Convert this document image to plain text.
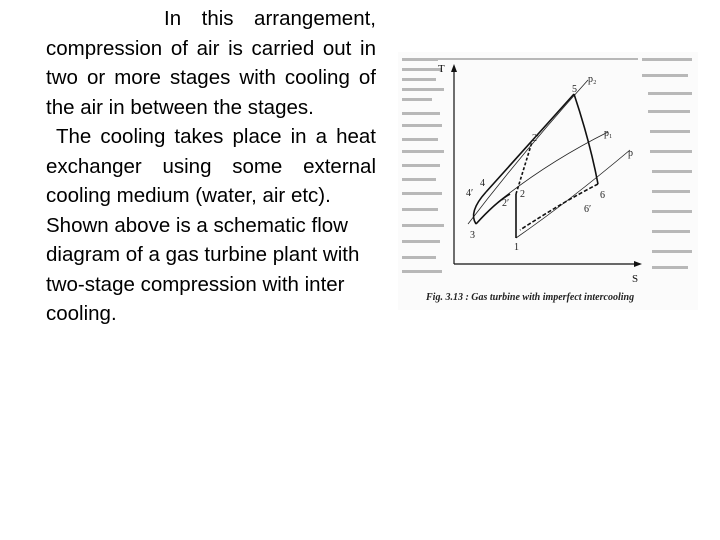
In this arrangement, compression of air is carried out in two or more stages with cooling of the air in between the stages.

The cooling takes place in a heat exchanger using some external cooling medium (water, air etc).

Shown above is a schematic flow diagram of a gas turbine plant with two-stage compression with inter cooling.

T
S
1
2
2′
2′
3
4
4′
5
6
6′
p₂
p₁
p
Fig. 3.13 : Gas turbine with imperfect intercooling
